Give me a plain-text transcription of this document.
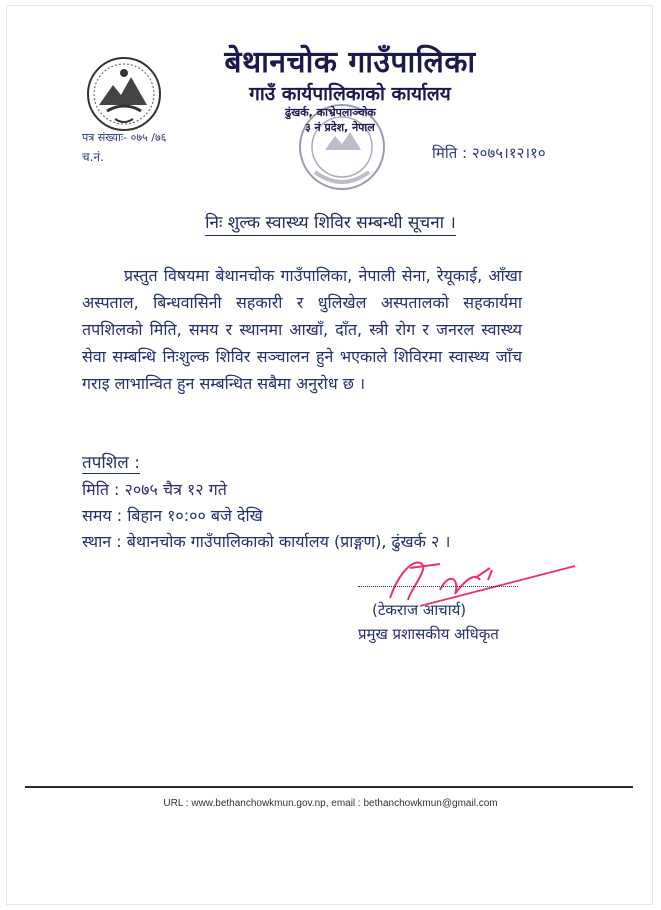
बेथानचोक गाउँपालिका
गाउँ कार्यपालिकाको कार्यालय
ढुंखर्क, काभ्रेपलाञ्चोक
३ नं प्रदेश, नेपाल
पत्र संख्याः- ०७५ /७६
च.नं.	मिति : २०७५।१२।१०
निः शुल्क स्वास्थ्य शिविर सम्बन्धी सूचना ।
प्रस्तुत विषयमा बेथानचोक गाउँपालिका, नेपाली सेना, रेयूकाई, आँखा अस्पताल, बिन्धवासिनी सहकारी र धुलिखेल अस्पतालको सहकार्यमा तपशिलको मिति, समय र स्थानमा आखाँ, दाँत, स्त्री रोग र जनरल स्वास्थ्य सेवा सम्बन्धि निःशुल्क शिविर सञ्चालन हुने भएकाले शिविरमा स्वास्थ्य जाँच गराइ लाभान्वित हुन सम्बन्धित सबैमा अनुरोध छ ।
तपशिल :
मिति : २०७५ चैत्र १२ गते
समय : बिहान १०:०० बजे देखि
स्थान : बेथानचोक गाउँपालिकाको कार्यालय (प्राङ्गण), ढुंखर्क २ ।
(टेकराज आचार्य)
प्रमुख प्रशासकीय अधिकृत
URL : www.bethanchowkmun.gov.np, email : bethanchowkmun@gmail.com
